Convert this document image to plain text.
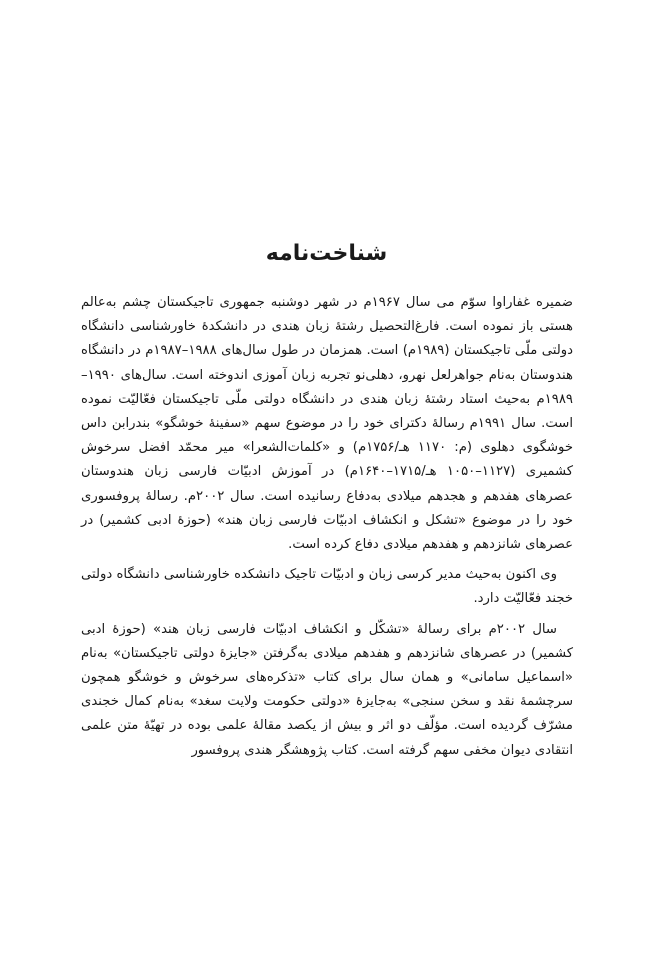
شناخت‌نامه

ضمیره غفاراوا سوّم می سال ۱۹۶۷م در شهر دوشنبه جمهوری تاجیکستان چشم به‌عالم هستی باز نموده است. فارغ‌التحصیل رشتهٔ زبان هندی در دانشکدهٔ خاورشناسی دانشگاه دولتی ملّی تاجیکستان (۱۹۸۹م) است. همزمان در طول سال‌های ۱۹۸۸–۱۹۸۷م در دانشگاه هندوستان به‌نام جواهرلعل نهرو، دهلی‌نو تجربه زبان آموزی اندوخته است. سال‌های ۱۹۹۰–۱۹۸۹م به‌حیث استاد رشتهٔ زبان هندی در دانشگاه دولتی ملّی تاجیکستان فعّالیّت نموده است. سال ۱۹۹۱م رسالهٔ دکترای خود را در موضوع سهم «سفینهٔ خوشگو» بندرابن داس خوشگوی دهلوی (م: ۱۱۷۰ هـ/۱۷۵۶م) و «کلمات‌الشعرا» میر محمّد افضل سرخوش کشمیری (۱۱۲۷–۱۰۵۰ هـ/۱۷۱۵–۱۶۴۰م) در آموزش ادبیّات فارسی زبان هندوستان عصرهای هفدهم و هجدهم میلادی به‌دفاع رسانیده است. سال ۲۰۰۲م. رسالهٔ پروفسوری خود را در موضوع «تشکل و انکشاف ادبیّات فارسی زبان هند» (حوزهٔ ادبی کشمیر) در عصرهای شانزدهم و هفدهم میلادی دفاع کرده است.

وی اکنون به‌حیث مدیر کرسی زبان و ادبیّات تاجیک دانشکده خاورشناسی دانشگاه دولتی خجند فعّالیّت دارد.

سال ۲۰۰۲م برای رسالهٔ «تشکّل و انکشاف ادبیّات فارسی زبان هند» (حوزهٔ ادبی کشمیر) در عصرهای شانزدهم و هفدهم میلادی به‌گرفتن «جایزهٔ دولتی تاجیکستان» به‌نام «اسماعیل سامانی» و همان سال برای کتاب «تذکره‌های سرخوش و خوشگو همچون سرچشمهٔ نقد و سخن سنجی» به‌جایزهٔ «دولتی حکومت ولایت سغد» به‌نام کمال خجندی مشرّف گردیده است. مؤلّف دو اثر و بیش از یکصد مقالهٔ علمی بوده در تهیّهٔ متن علمی انتقادی دیوان مخفی سهم گرفته است. کتاب پژوهشگر هندی پروفسور
